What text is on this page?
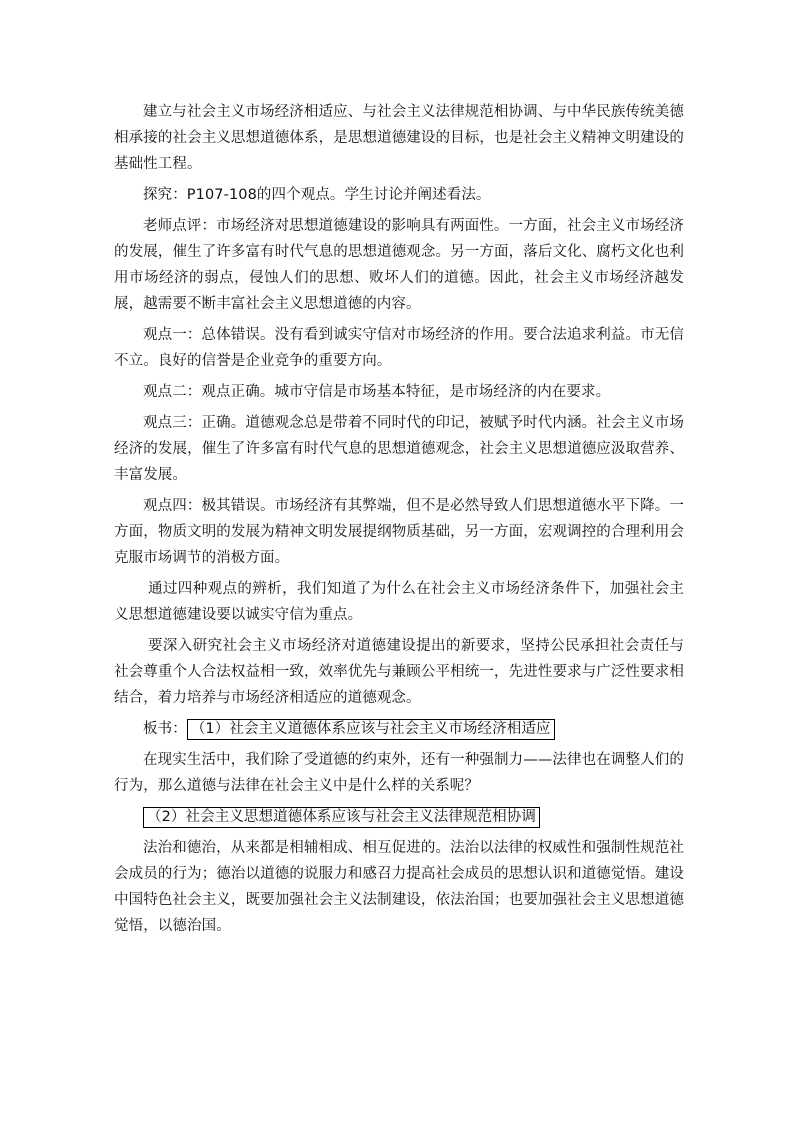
建立与社会主义市场经济相适应、与社会主义法律规范相协调、与中华民族传统美德相承接的社会主义思想道德体系，是思想道德建设的目标，也是社会主义精神文明建设的基础性工程。

探究：P107-108的四个观点。学生讨论并阐述看法。

老师点评：市场经济对思想道德建设的影响具有两面性。一方面，社会主义市场经济的发展，催生了许多富有时代气息的思想道德观念。另一方面，落后文化、腐朽文化也利用市场经济的弱点，侵蚀人们的思想、败坏人们的道德。因此，社会主义市场经济越发展，越需要不断丰富社会主义思想道德的内容。

观点一：总体错误。没有看到诚实守信对市场经济的作用。要合法追求利益。市无信不立。良好的信誉是企业竞争的重要方向。

观点二：观点正确。城市守信是市场基本特征，是市场经济的内在要求。

观点三：正确。道德观念总是带着不同时代的印记，被赋予时代内涵。社会主义市场经济的发展，催生了许多富有时代气息的思想道德观念，社会主义思想道德应汲取营养、丰富发展。

观点四：极其错误。市场经济有其弊端，但不是必然导致人们思想道德水平下降。一方面，物质文明的发展为精神文明发展提纲物质基础，另一方面，宏观调控的合理利用会克服市场调节的消极方面。

通过四种观点的辨析，我们知道了为什么在社会主义市场经济条件下，加强社会主义思想道德建设要以诚实守信为重点。

要深入研究社会主义市场经济对道德建设提出的新要求，坚持公民承担社会责任与社会尊重个人合法权益相一致，效率优先与兼顾公平相统一，先进性要求与广泛性要求相结合，着力培养与市场经济相适应的道德观念。

板书： （1）社会主义道德体系应该与社会主义市场经济相适应

在现实生活中，我们除了受道德的约束外，还有一种强制力——法律也在调整人们的行为，那么道德与法律在社会主义中是什么样的关系呢？

（2）社会主义思想道德体系应该与社会主义法律规范相协调

法治和德治，从来都是相辅相成、相互促进的。法治以法律的权威性和强制性规范社会成员的行为；德治以道德的说服力和感召力提高社会成员的思想认识和道德觉悟。建设中国特色社会主义，既要加强社会主义法制建设，依法治国；也要加强社会主义思想道德觉悟，以德治国。
